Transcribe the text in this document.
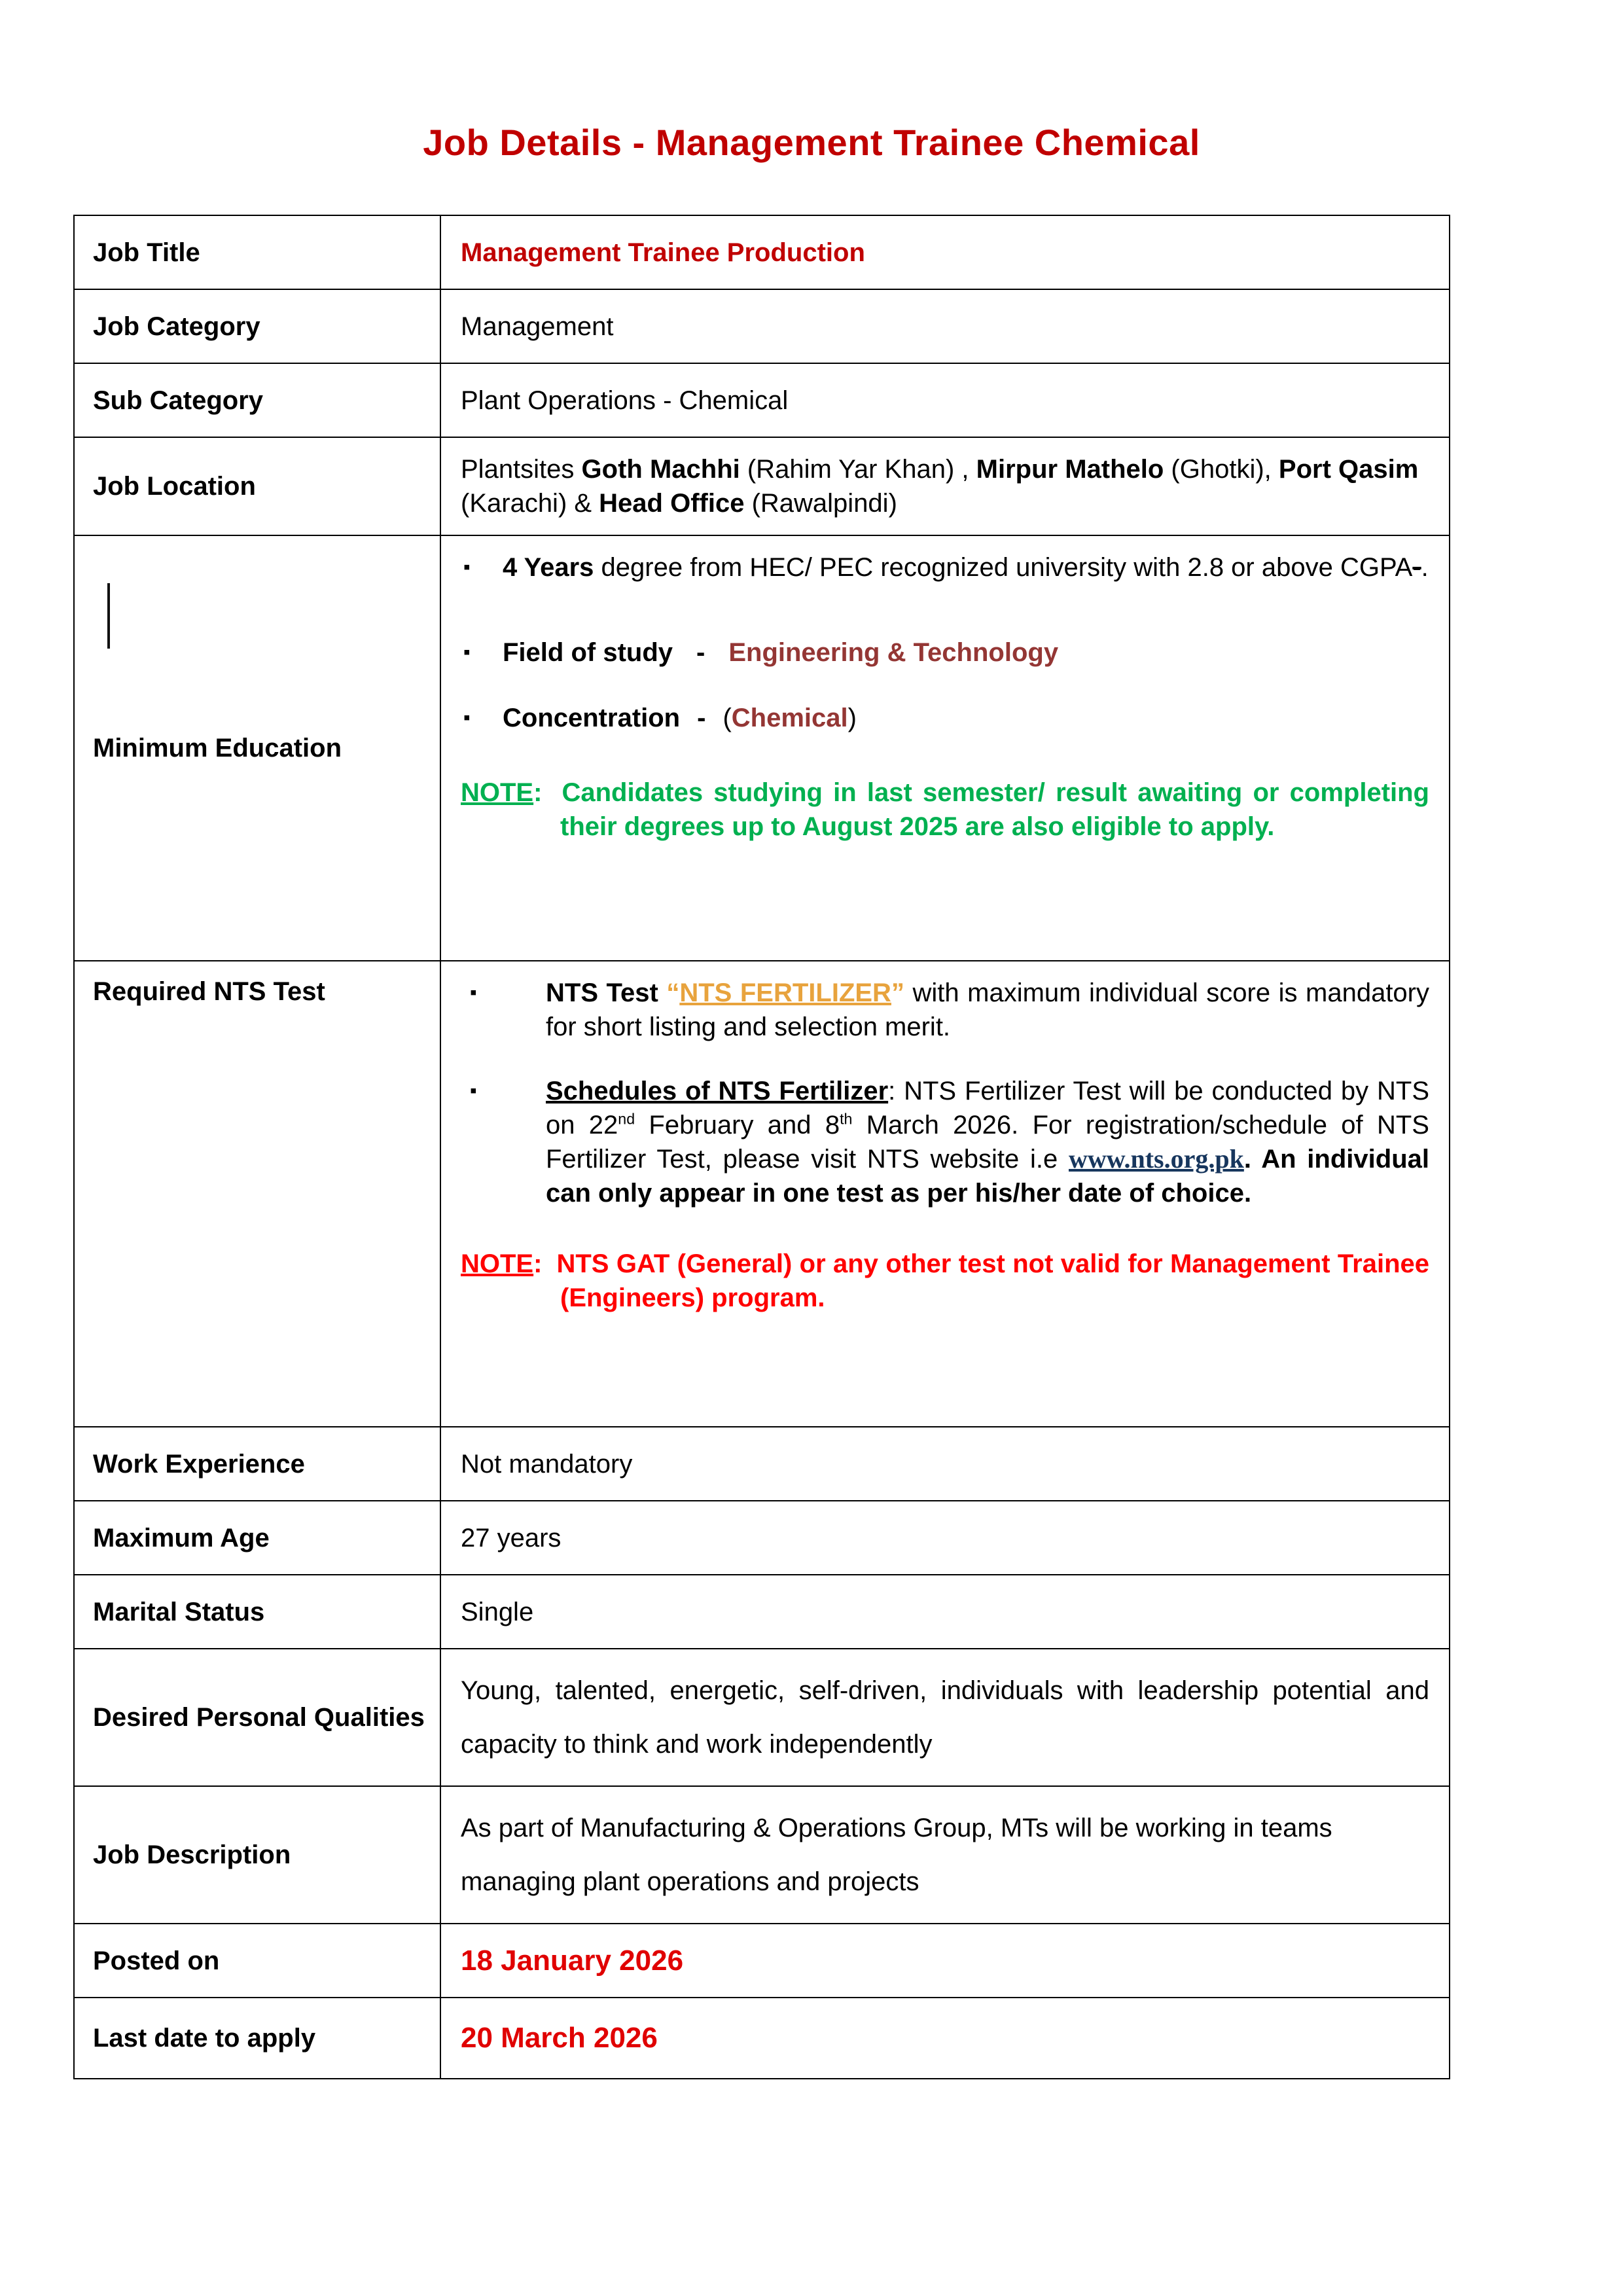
Job Details - Management Trainee Chemical
Job Title	Management Trainee Production
Job Category	Management
Sub Category	Plant Operations - Chemical
Job Location	Plantsites Goth Machhi (Rahim Yar Khan) , Mirpur Mathelo (Ghotki), Port Qasim (Karachi) & Head Office (Rawalpindi)

Minimum Education	▪ 4 Years degree from HEC/ PEC recognized university with 2.8 or above CGPA-.

▪ Field of study - Engineering & Technology

▪ Concentration - (Chemical)

NOTE: Candidates studying in last semester/ result awaiting or completing their degrees up to August 2025 are also eligible to apply.

Required NTS Test	▪ NTS Test “NTS FERTILIZER” with maximum individual score is mandatory for short listing and selection merit.

▪ Schedules of NTS Fertilizer: NTS Fertilizer Test will be conducted by NTS on 22nd February and 8th March 2026. For registration/schedule of NTS Fertilizer Test, please visit NTS website i.e www.nts.org.pk. An individual can only appear in one test as per his/her date of choice.

NOTE: NTS GAT (General) or any other test not valid for Management Trainee (Engineers) program.

Work Experience	Not mandatory
Maximum Age	27 years
Marital Status	Single
Desired Personal Qualities	Young, talented, energetic, self-driven, individuals with leadership potential and capacity to think and work independently
Job Description	As part of Manufacturing & Operations Group, MTs will be working in teams managing plant operations and projects
Posted on	18 January 2026
Last date to apply	20 March 2026
